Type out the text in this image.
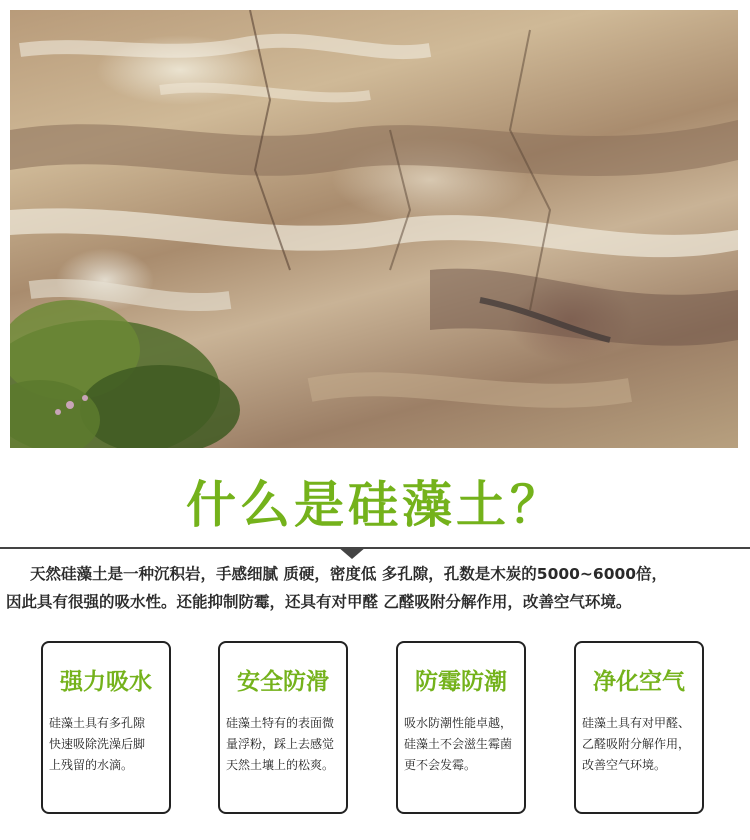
什么是硅藻土？

天然硅藻土是一种沉积岩，手感细腻 质硬，密度低 多孔隙，孔数是木炭的5000~6000倍，

因此具有很强的吸水性。还能抑制防霉，还具有对甲醛 乙醛吸附分解作用，改善空气环境。

强力吸水
硅藻土具有多孔隙
快速吸除洗澡后脚
上残留的水滴。
安全防滑
硅藻土特有的表面微
量浮粉，踩上去感觉
天然土壤上的松爽。
防霉防潮
吸水防潮性能卓越，
硅藻土不会滋生霉菌
更不会发霉。
净化空气
硅藻土具有对甲醛、
乙醛吸附分解作用，
改善空气环境。
